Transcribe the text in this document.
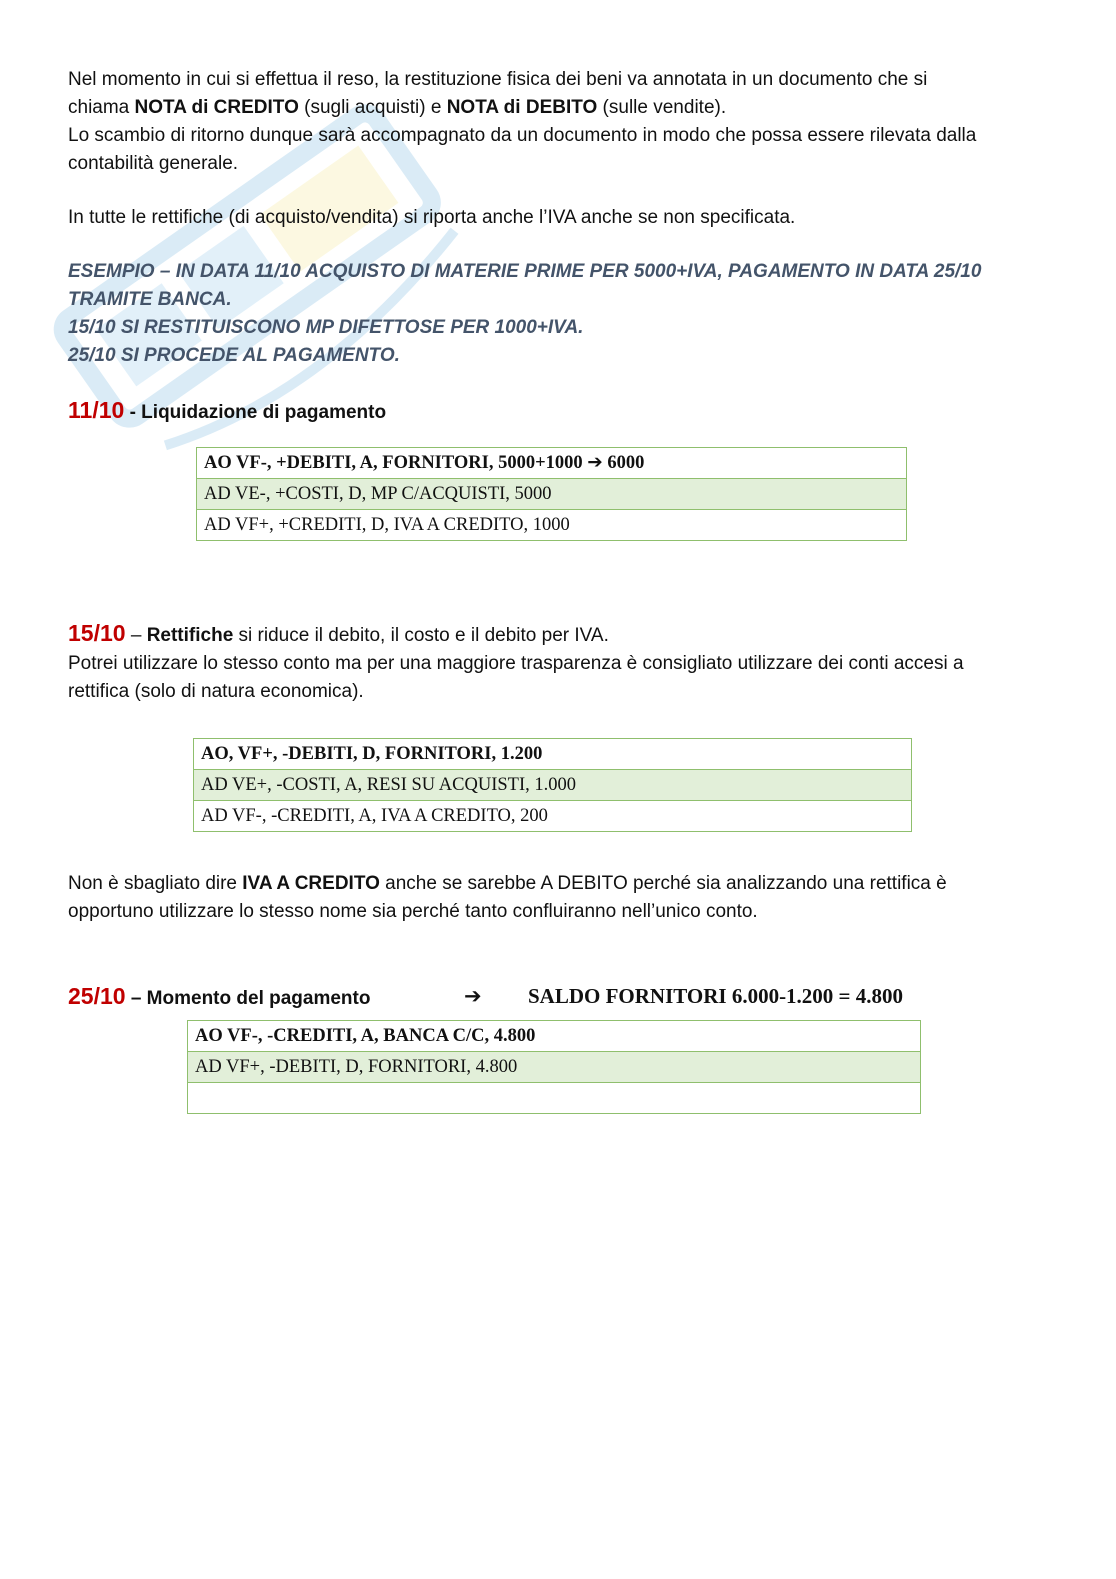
Nel momento in cui si effettua il reso, la restituzione fisica dei beni va annotata in un documento che si

chiama NOTA di CREDITO (sugli acquisti) e NOTA di DEBITO (sulle vendite).

Lo scambio di ritorno dunque sarà accompagnato da un documento in modo che possa essere rilevata dalla

contabilità generale.

In tutte le rettifiche (di acquisto/vendita) si riporta anche l’IVA anche se non specificata.

ESEMPIO – IN DATA 11/10 ACQUISTO DI MATERIE PRIME PER 5000+IVA, PAGAMENTO IN DATA 25/10

TRAMITE BANCA.

15/10 SI RESTITUISCONO MP DIFETTOSE PER 1000+IVA.

25/10 SI PROCEDE AL PAGAMENTO.

11/10 - Liquidazione di pagamento

AO VF-, +DEBITI, A, FORNITORI, 5000+1000 ➔ 6000
AD VE-, +COSTI, D, MP C/ACQUISTI, 5000
AD VF+, +CREDITI, D, IVA A CREDITO, 1000

15/10 – Rettifiche si riduce il debito, il costo e il debito per IVA.

Potrei utilizzare lo stesso conto ma per una maggiore trasparenza è consigliato utilizzare dei conti accesi a

rettifica (solo di natura economica).

AO, VF+, -DEBITI, D, FORNITORI, 1.200
AD VE+, -COSTI, A, RESI SU ACQUISTI, 1.000
AD VF-, -CREDITI, A, IVA A CREDITO, 200

Non è sbagliato dire IVA A CREDITO anche se sarebbe A DEBITO perché sia analizzando una rettifica è

opportuno utilizzare lo stesso nome sia perché tanto confluiranno nell’unico conto.

25/10 – Momento del pagamento	➔ SALDO FORNITORI 6.000-1.200 = 4.800
AO VF-, -CREDITI, A, BANCA C/C, 4.800
AD VF+, -DEBITI, D, FORNITORI, 4.800
